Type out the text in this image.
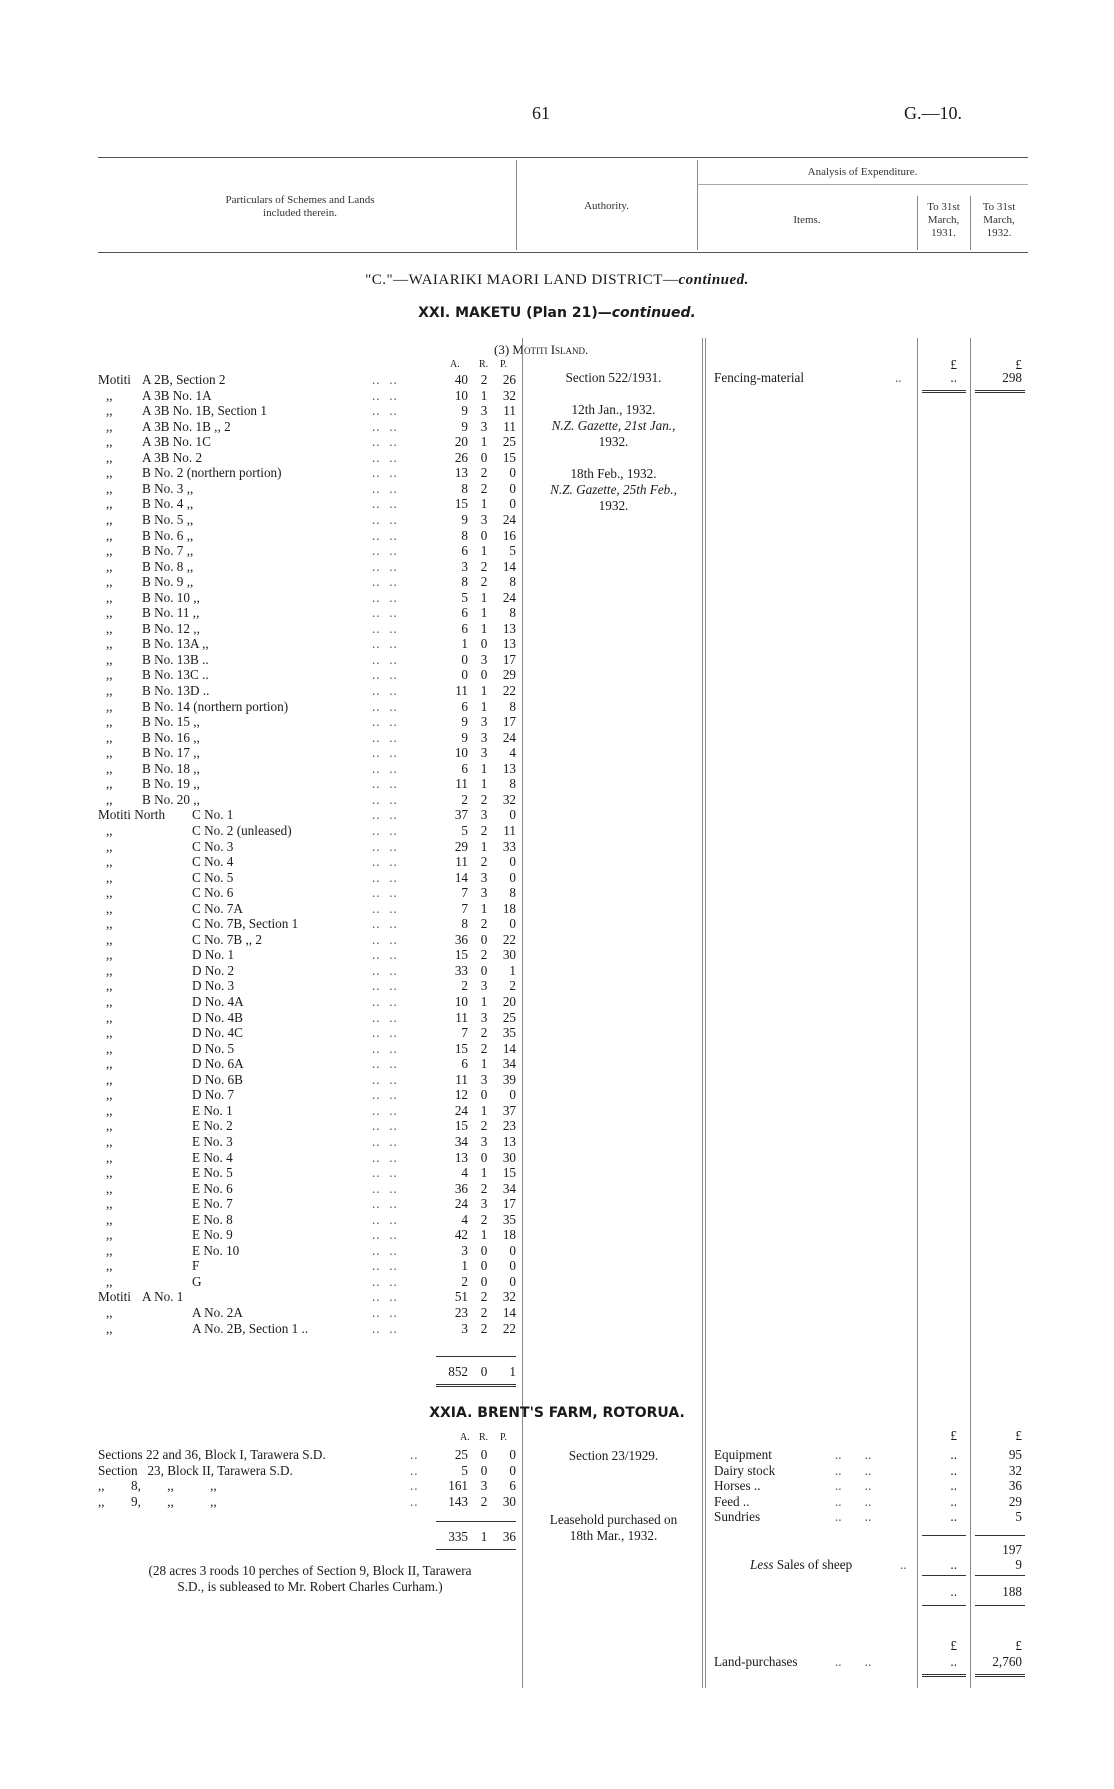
61	G.—10.
Particulars of Schemes and Lands
included therein.
Authority.
Analysis of Expenditure.
Items.
To 31st
March,
1931.
To 31st
March,
1932.
"C."—WAIARIKI MAORI LAND DISTRICT—continued.
XXI. MAKETU (Plan 21)—continued.
(3) Motiti Island.
A. R. P.	£	£
Motiti A 2B, Section 2	..  ..	40 2	26
,, A 3B No. 1A	..  ..	10 1	32
,, A 3B No. 1B, Section 1	..  ..	9 3	11
,, A 3B No. 1B ,, 2	..  ..	9 3	11
,, A 3B No. 1C	..  ..	20 1	25
,, A 3B No. 2	..  ..	26 0	15
,, B No. 2 (northern portion)	..  ..	13 2	0
,, B No. 3 ,,	..  ..	8 2	0
,, B No. 4 ,,	..  ..	15 1	0
,, B No. 5 ,,	..  ..	9 3	24
,, B No. 6 ,,	..  ..	8 0	16
,, B No. 7 ,,	..  ..	6 1	5
,, B No. 8 ,,	..  ..	3 2	14
,, B No. 9 ,,	..  ..	8 2	8
,, B No. 10 ,,	..  ..	5 1	24
,, B No. 11 ,,	..  ..	6 1	8
,, B No. 12 ,,	..  ..	6 1	13
,, B No. 13A ,,	..  ..	1 0	13
,, B No. 13B ..	..  ..	0 3	17
,, B No. 13C ..	..  ..	0 0	29
,, B No. 13D ..	..  ..	11 1	22
,, B No. 14 (northern portion)	..  ..	6 1	8
,, B No. 15 ,,	..  ..	9 3	17
,, B No. 16 ,,	..  ..	9 3	24
,, B No. 17 ,,	..  ..	10 3	4
,, B No. 18 ,,	..  ..	6 1	13
,, B No. 19 ,,	..  ..	11 1	8
,, B No. 20 ,,	..  ..	2 2	32
Motiti North C No. 1	..  ..	37 3	0
,,	C No. 2 (unleased)	..  ..	5 2	11
,,	C No. 3	..  ..	29 1	33
,,	C No. 4	..  ..	11 2	0
,,	C No. 5	..  ..	14 3	0
,,	C No. 6	..  ..	7 3	8
,,	C No. 7A	..  ..	7 1	18
,,	C No. 7B, Section 1	..  ..	8 2	0
,,	C No. 7B ,, 2	..  ..	36 0	22
,,	D No. 1	..  ..	15 2	30
,,	D No. 2	..  ..	33 0	1
,,	D No. 3	..  ..	2 3	2
,,	D No. 4A	..  ..	10 1	20
,,	D No. 4B	..  ..	11 3	25
,,	D No. 4C	..  ..	7 2	35
,,	D No. 5	..  ..	15 2	14
,,	D No. 6A	..  ..	6 1	34
,,	D No. 6B	..  ..	11 3	39
,,	D No. 7	..  ..	12 0	0
,,	E No. 1	..  ..	24 1	37
,,	E No. 2	..  ..	15 2	23
,,	E No. 3	..  ..	34 3	13
,,	E No. 4	..  ..	13 0	30
,,	E No. 5	..  ..	4 1	15
,,	E No. 6	..  ..	36 2	34
,,	E No. 7	..  ..	24 3	17
,,	E No. 8	..  ..	4 2	35
,,	E No. 9	..  ..	42 1	18
,,	E No. 10	..  ..	3 0	0
,,	F	..  ..	1 0	0
,,	G	..  ..	2 0	0
Motiti A No. 1	..  ..	51 2	32
,,	A No. 2A	..  ..	23 2	14
,,	A No. 2B, Section 1 ..	..  ..	3 2	22
852 0	1
Section 522/1931.
12th Jan., 1932.
N.Z. Gazette, 21st Jan.,
1932.
18th Feb., 1932.
N.Z. Gazette, 25th Feb.,
1932.
Fencing-material	..	..	298
XXIA. BRENT'S FARM, ROTORUA.
A. R. P.	£	£
Sections 22 and 36, Block I, Tarawera S.D.	..	25 0	0
Section   23, Block II, Tarawera S.D.	..	5 0	0
,,        8,        ,,           ,,	..	161 3	6
,,        9,        ,,           ,,	..	143 2	30
335 1	36
(28 acres 3 roods 10 perches of Section 9, Block II, Tarawera
S.D., is subleased to Mr. Robert Charles Curham.)
Section 23/1929.
Leasehold purchased on
18th Mar., 1932.
Equipment	..       ..	..	95
Dairy stock	..       ..	..	32
Horses ..	..       ..	..	36
Feed ..	..       ..	..	29
Sundries	..       ..	..	5
197
Less Sales of sheep	..	..	9
..	188
£	£
Land-purchases	..       ..	..	2,760
